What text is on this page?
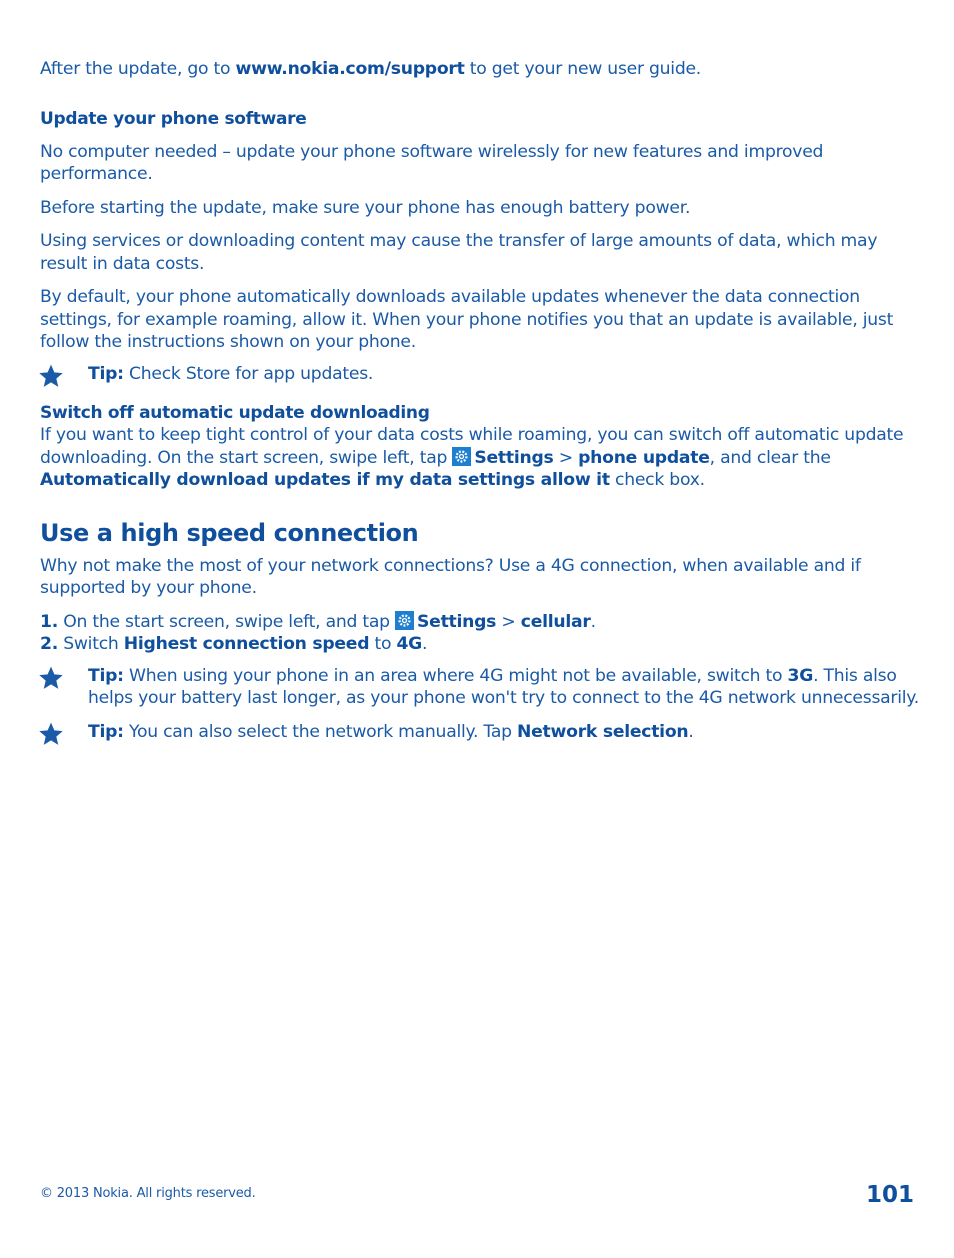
After the update, go to www.nokia.com/support to get your new user guide.

Update your phone software

No computer needed – update your phone software wirelessly for new features and improved performance.

Before starting the update, make sure your phone has enough battery power.

Using services or downloading content may cause the transfer of large amounts of data, which may result in data costs.

By default, your phone automatically downloads available updates whenever the data connection settings, for example roaming, allow it. When your phone notifies you that an update is available, just follow the instructions shown on your phone.

Tip: Check Store for app updates.

Switch off automatic update downloading

If you want to keep tight control of your data costs while roaming, you can switch off automatic update downloading. On the start screen, swipe left, tap Settings > phone update, and clear the Automatically download updates if my data settings allow it check box.

Use a high speed connection

Why not make the most of your network connections? Use a 4G connection, when available and if supported by your phone.

1. On the start screen, swipe left, and tap Settings > cellular.

2. Switch Highest connection speed to 4G.

Tip: When using your phone in an area where 4G might not be available, switch to 3G. This also helps your battery last longer, as your phone won't try to connect to the 4G network unnecessarily.

Tip: You can also select the network manually. Tap Network selection.

© 2013 Nokia. All rights reserved.	101
